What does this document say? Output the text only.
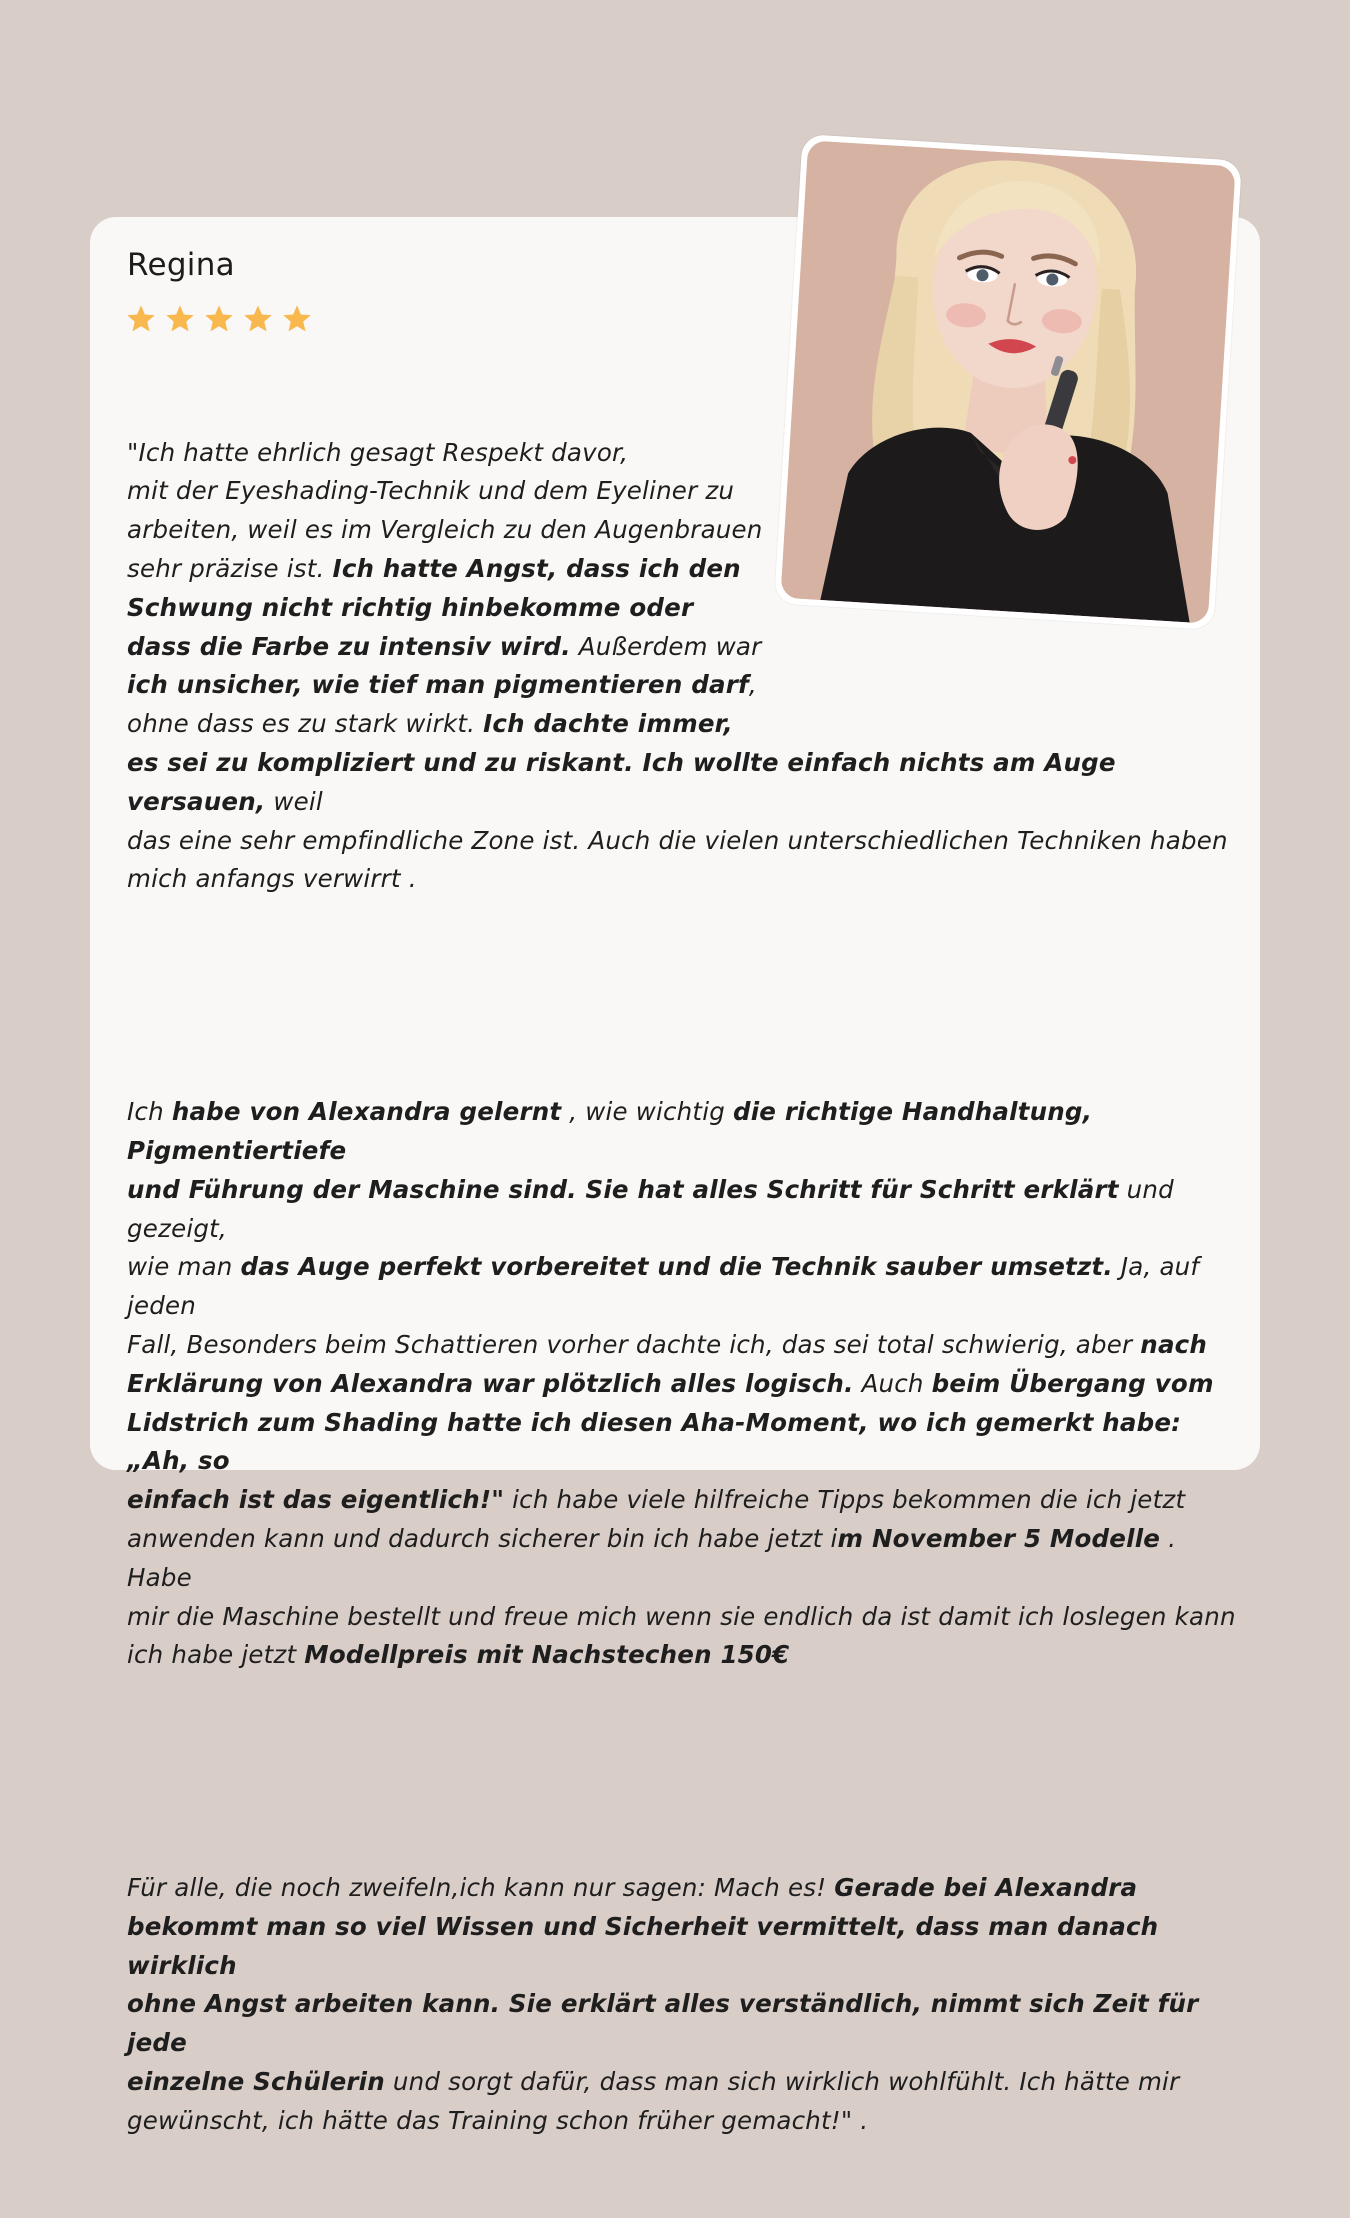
Regina

"Ich hatte ehrlich gesagt Respekt davor,
mit der Eyeshading-Technik und dem Eyeliner zu
arbeiten, weil es im Vergleich zu den Augenbrauen
sehr präzise ist. Ich hatte Angst, dass ich den
Schwung nicht richtig hinbekomme oder
dass die Farbe zu intensiv wird. Außerdem war
ich unsicher, wie tief man pigmentieren darf,
ohne dass es zu stark wirkt. Ich dachte immer,
es sei zu kompliziert und zu riskant. Ich wollte einfach nichts am Auge versauen, weil
das eine sehr empfindliche Zone ist. Auch die vielen unterschiedlichen Techniken haben
mich anfangs verwirrt .

Ich habe von Alexandra gelernt , wie wichtig die richtige Handhaltung, Pigmentiertiefe
und Führung der Maschine sind. Sie hat alles Schritt für Schritt erklärt und gezeigt,
wie man das Auge perfekt vorbereitet und die Technik sauber umsetzt. Ja, auf jeden
Fall, Besonders beim Schattieren vorher dachte ich, das sei total schwierig, aber nach
Erklärung von Alexandra war plötzlich alles logisch. Auch beim Übergang vom
Lidstrich zum Shading hatte ich diesen Aha-Moment, wo ich gemerkt habe: „Ah, so
einfach ist das eigentlich!" ich habe viele hilfreiche Tipps bekommen die ich jetzt
anwenden kann und dadurch sicherer bin ich habe jetzt im November 5 Modelle . Habe
mir die Maschine bestellt und freue mich wenn sie endlich da ist damit ich loslegen kann
ich habe jetzt Modellpreis mit Nachstechen 150€

Für alle, die noch zweifeln,ich kann nur sagen: Mach es! Gerade bei Alexandra
bekommt man so viel Wissen und Sicherheit vermittelt, dass man danach wirklich
ohne Angst arbeiten kann. Sie erklärt alles verständlich, nimmt sich Zeit für jede
einzelne Schülerin und sorgt dafür, dass man sich wirklich wohlfühlt. Ich hätte mir
gewünscht, ich hätte das Training schon früher gemacht!" .
